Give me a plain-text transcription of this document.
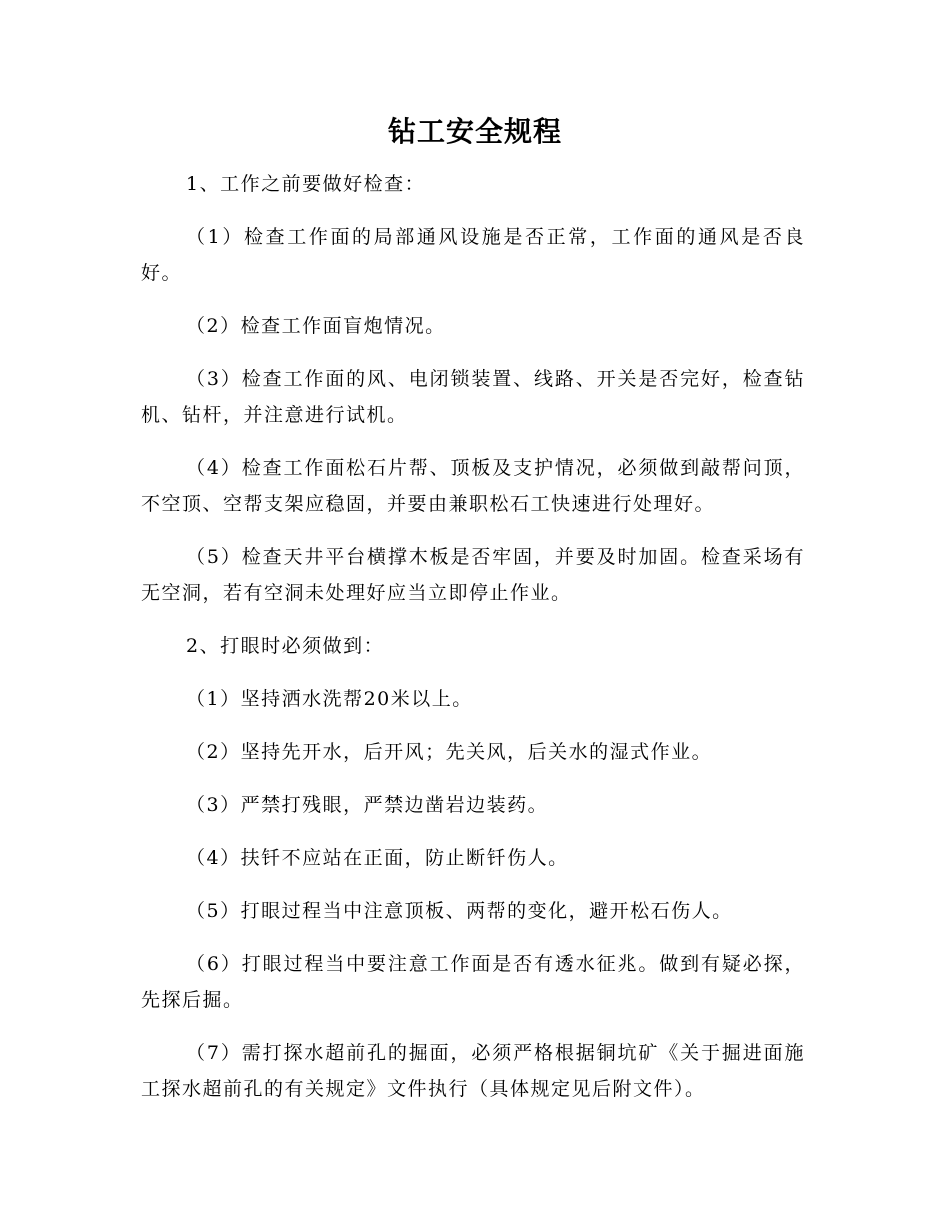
钻工安全规程

1、工作之前要做好检查：

（1）检查工作面的局部通风设施是否正常，工作面的通风是否良好。

（2）检查工作面盲炮情况。

（3）检查工作面的风、电闭锁装置、线路、开关是否完好，检查钻机、钻杆，并注意进行试机。

（4）检查工作面松石片帮、顶板及支护情况，必须做到敲帮问顶，不空顶、空帮支架应稳固，并要由兼职松石工快速进行处理好。

（5）检查天井平台横撑木板是否牢固，并要及时加固。检查采场有无空洞，若有空洞未处理好应当立即停止作业。

2、打眼时必须做到：

（1）坚持洒水洗帮20米以上。

（2）坚持先开水，后开风；先关风，后关水的湿式作业。

（3）严禁打残眼，严禁边凿岩边装药。

（4）扶钎不应站在正面，防止断钎伤人。

（5）打眼过程当中注意顶板、两帮的变化，避开松石伤人。

（6）打眼过程当中要注意工作面是否有透水征兆。做到有疑必探，先探后掘。

（7）需打探水超前孔的掘面，必须严格根据铜坑矿《关于掘进面施工探水超前孔的有关规定》文件执行（具体规定见后附文件）。
